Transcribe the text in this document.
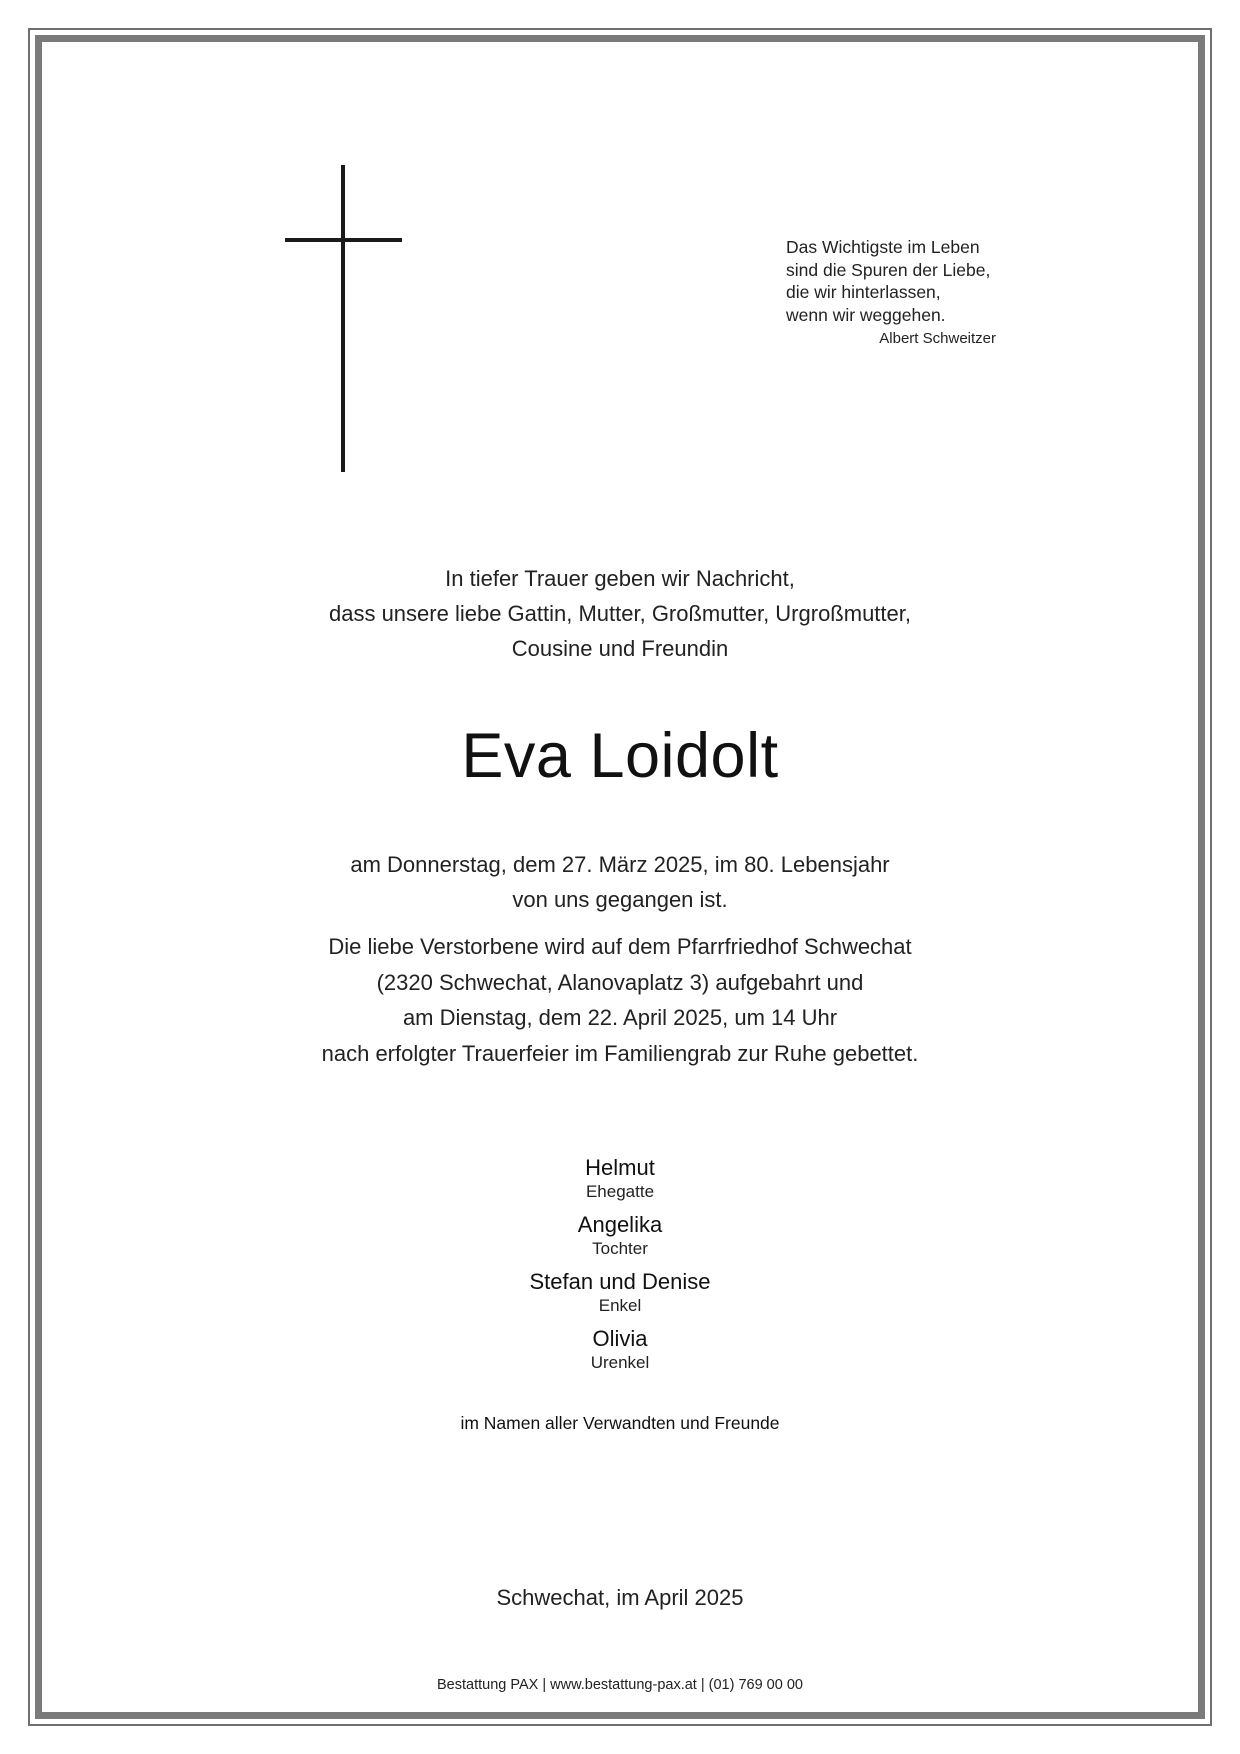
Das Wichtigste im Leben
sind die Spuren der Liebe,
die wir hinterlassen,
wenn wir weggehen.
Albert Schweitzer
In tiefer Trauer geben wir Nachricht,
dass unsere liebe Gattin, Mutter, Großmutter, Urgroßmutter,
Cousine und Freundin
Eva Loidolt
am Donnerstag, dem 27. März 2025, im 80. Lebensjahr
von uns gegangen ist.
Die liebe Verstorbene wird auf dem Pfarrfriedhof Schwechat
(2320 Schwechat, Alanovaplatz 3) aufgebahrt und
am Dienstag, dem 22. April 2025, um 14 Uhr
nach erfolgter Trauerfeier im Familiengrab zur Ruhe gebettet.
Helmut
Ehegatte
Angelika
Tochter
Stefan und Denise
Enkel
Olivia
Urenkel
im Namen aller Verwandten und Freunde
Schwechat, im April 2025
Bestattung PAX | www.bestattung-pax.at | (01) 769 00 00
